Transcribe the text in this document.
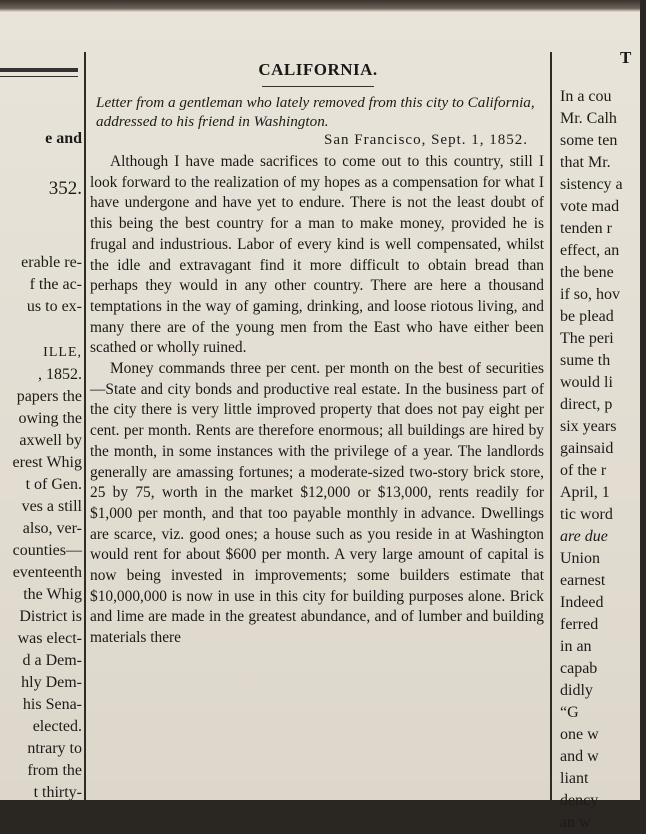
e and
352.
erable re-
f the ac-
us to ex-
ILLE,
, 1852.
papers the
owing the
axwell by
erest Whig
t of Gen.
ves a still
also, ver-
counties—
eventeenth
the Whig
District is
was elect-
d a Dem-
hly Dem-
his Sena-
elected.
ntrary to
from the
t thirty-
CALIFORNIA.
Letter from a gentleman who lately removed from this city to California, addressed to his friend in Washington.
San Francisco, Sept. 1, 1852.

Although I have made sacrifices to come out to this country, still I look forward to the realization of my hopes as a compensation for what I have undergone and have yet to endure. There is not the least doubt of this being the best country for a man to make money, provided he is frugal and industrious. Labor of every kind is well compensated, whilst the idle and extravagant find it more difficult to obtain bread than perhaps they would in any other country. There are here a thousand temptations in the way of gaming, drinking, and loose riotous living, and many there are of the young men from the East who have either been scathed or wholly ruined.

Money commands three per cent. per month on the best of securities—State and city bonds and productive real estate. In the business part of the city there is very little improved property that does not pay eight per cent. per month. Rents are therefore enormous; all buildings are hired by the month, in some instances with the privilege of a year. The landlords generally are amassing fortunes; a moderate-sized two-story brick store, 25 by 75, worth in the market $12,000 or $13,000, rents readily for $1,000 per month, and that too payable monthly in advance. Dwellings are scarce, viz. good ones; a house such as you reside in at Washington would rent for about $600 per month. A very large amount of capital is now being invested in improvements; some builders estimate that $10,000,000 is now in use in this city for building purposes alone. Brick and lime are made in the greatest abundance, and of lumber and building materials there

T
In a cou
Mr. Calh
some ten
that Mr.
sistency a
vote mad
tenden r
effect, an
the bene
if so, hov
be plead
The peri
sume th
would li
direct, p
six years
gainsaid
of the r
April, 1
tic word
are due
Union
earnest
Indeed
ferred
in an
capab
didly
“G
one w
and w
liant
dency
an w
